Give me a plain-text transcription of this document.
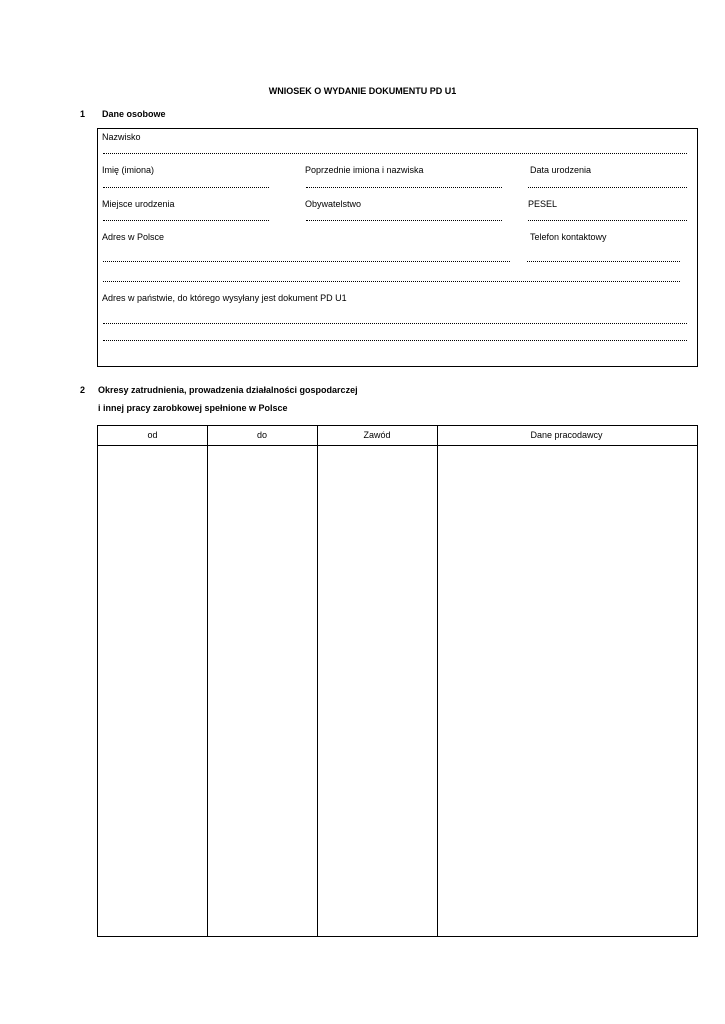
WNIOSEK O WYDANIE DOKUMENTU PD U1
1 Dane osobowe
Nazwisko
Imię (imiona)	Poprzednie imiona i nazwiska	Data urodzenia
Miejsce urodzenia	Obywatelstwo	PESEL
Adres w Polsce	Telefon kontaktowy
Adres w państwie, do którego wysyłany jest dokument PD U1
2 Okresy zatrudnienia, prowadzenia działalności gospodarczej
i innej pracy zarobkowej spełnione w Polsce
od	do	Zawód	Dane pracodawcy
